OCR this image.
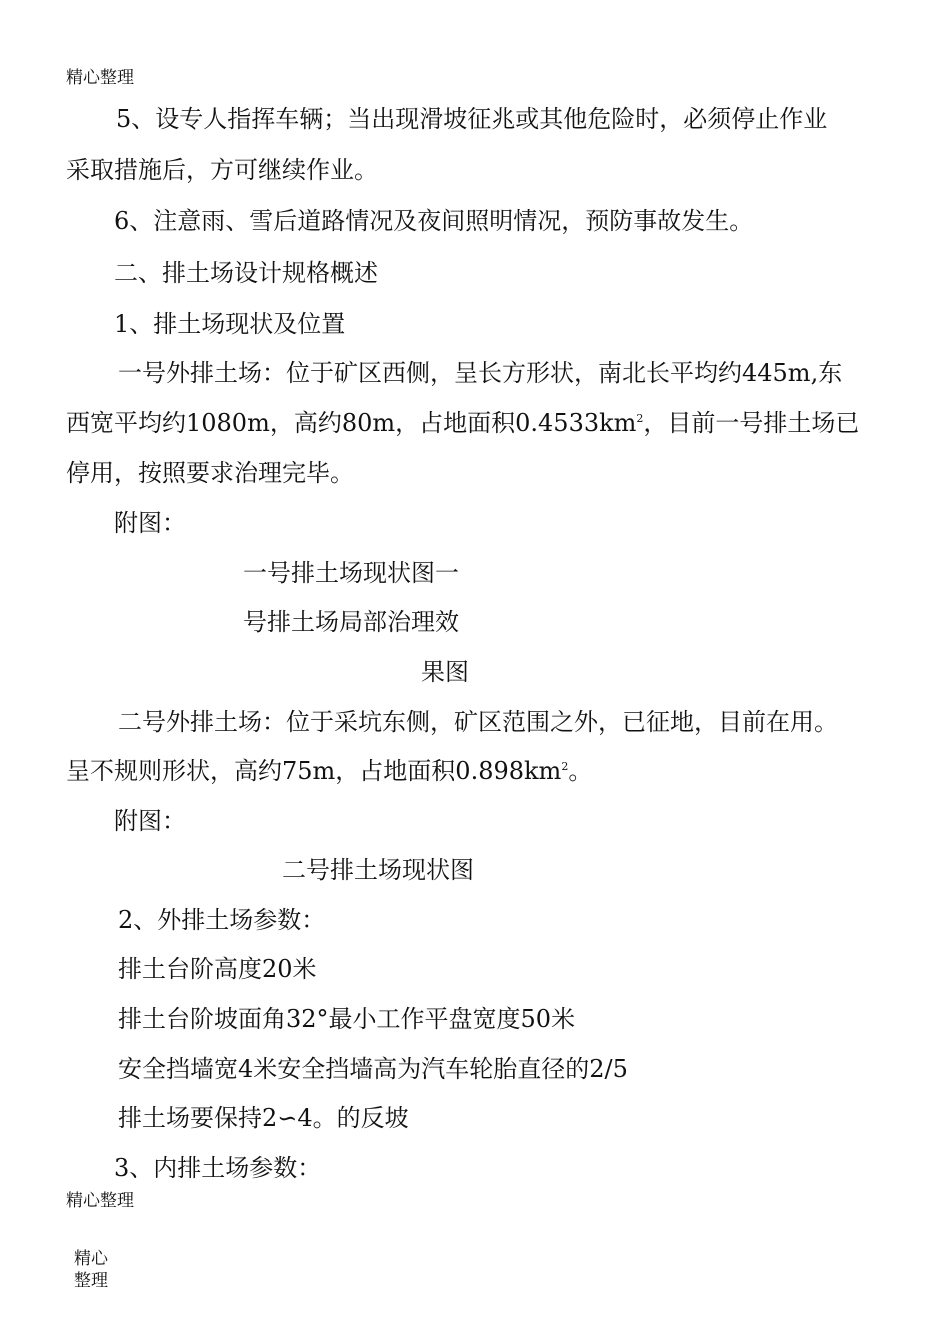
精心整理
5、设专人指挥车辆；当出现滑坡征兆或其他危险时，必须停止作业
采取措施后，方可继续作业。
6、注意雨、雪后道路情况及夜间照明情况，预防事故发生。
二、排土场设计规格概述
1、排土场现状及位置
一号外排土场：位于矿区西侧，呈长方形状，南北长平均约445m,东
西宽平均约1080m，高约80m，占地面积$0.4533km^2$，目前一号排土场已
停用，按照要求治理完毕。
附图：
一号排土场现状图一
号排土场局部治理效
果图
二号外排土场：位于采坑东侧，矿区范围之外，已征地，目前在用。
呈不规则形状，高约75m，占地面积$0.898km^2$。
附图：
二号排土场现状图
2、外排土场参数：
排土台阶高度20米
排土台阶坡面角32°最小工作平盘宽度50米
安全挡墙宽4米安全挡墙高为汽车轮胎直径的2/5
排土场要保持2∽4。的反坡
3、内排土场参数：
精心整理
精心
整理
